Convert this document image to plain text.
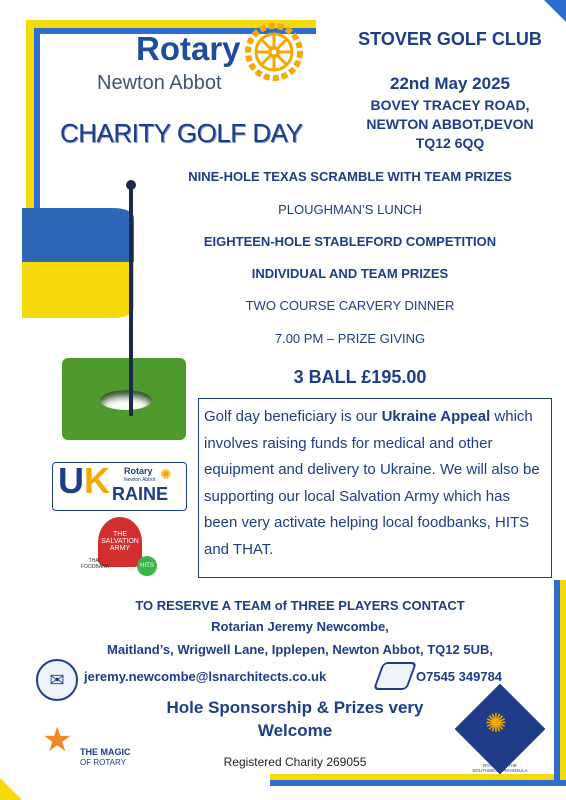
Rotary
Newton Abbot
CHARITY GOLF DAY
STOVER GOLF CLUB
22nd May 2025
BOVEY TRACEY ROAD,
NEWTON ABBOT,DEVON
TQ12 6QQ
NINE-HOLE TEXAS SCRAMBLE WITH TEAM PRIZES
PLOUGHMAN’S LUNCH
EIGHTEEN-HOLE STABLEFORD COMPETITION
INDIVIDUAL AND TEAM PRIZES
TWO COURSE CARVERY DINNER
7.00 PM – PRIZE GIVING
3 BALL £195.00
Golf day beneficiary is our Ukraine Appeal which involves raising funds for medical and other equipment and delivery to Ukraine. We will also be supporting our local Salvation Army which has been very activate helping local foodbanks, HITS and THAT.
U K Rotary
Newton Abbot ✺
RAINE
THE SALVATION ARMY
THAT FOODBANK	HITS
TO RESERVE A TEAM of THREE PLAYERS CONTACT
Rotarian Jeremy Newcombe,
Maitland’s, Wrigwell Lane, Ipplepen, Newton Abbot, TQ12 5UB,
✉	jeremy.newcombe@lsnarchitects.co.uk	O7545 349784
Hole Sponsorship & Prizes very Welcome
Registered Charity 269055
★ THE MAGIC
OF ROTARY
✺
ROTARY IN THE SOUTHWEST PENINSULA
